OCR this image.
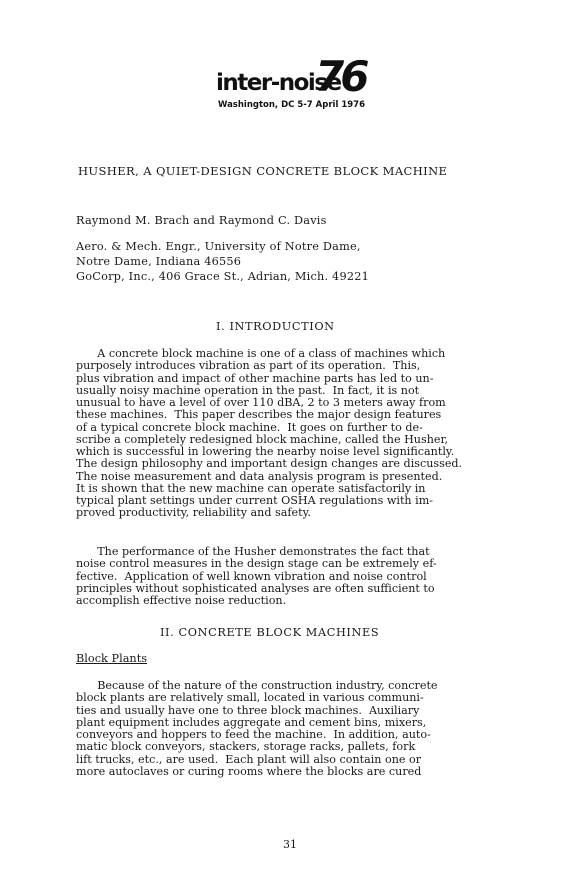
inter-noise
76
Washington, DC 5-7 April 1976
HUSHER, A QUIET-DESIGN CONCRETE BLOCK MACHINE
Raymond M. Brach and Raymond C. Davis
Aero. & Mech. Engr., University of Notre Dame,
Notre Dame, Indiana 46556
GoCorp, Inc., 406 Grace St., Adrian, Mich. 49221
I. INTRODUCTION
A concrete block machine is one of a class of machines which
purposely introduces vibration as part of its operation.  This,
plus vibration and impact of other machine parts has led to un-
usually noisy machine operation in the past.  In fact, it is not
unusual to have a level of over 110 dBA, 2 to 3 meters away from
these machines.  This paper describes the major design features
of a typical concrete block machine.  It goes on further to de-
scribe a completely redesigned block machine, called the Husher,
which is successful in lowering the nearby noise level significantly.
The design philosophy and important design changes are discussed.
The noise measurement and data analysis program is presented.
It is shown that the new machine can operate satisfactorily in
typical plant settings under current OSHA regulations with im-
proved productivity, reliability and safety.
The performance of the Husher demonstrates the fact that
noise control measures in the design stage can be extremely ef-
fective.  Application of well known vibration and noise control
principles without sophisticated analyses are often sufficient to
accomplish effective noise reduction.
II. CONCRETE BLOCK MACHINES
Block Plants
Because of the nature of the construction industry, concrete
block plants are relatively small, located in various communi-
ties and usually have one to three block machines.  Auxiliary
plant equipment includes aggregate and cement bins, mixers,
conveyors and hoppers to feed the machine.  In addition, auto-
matic block conveyors, stackers, storage racks, pallets, fork
lift trucks, etc., are used.  Each plant will also contain one or
more autoclaves or curing rooms where the blocks are cured
31
